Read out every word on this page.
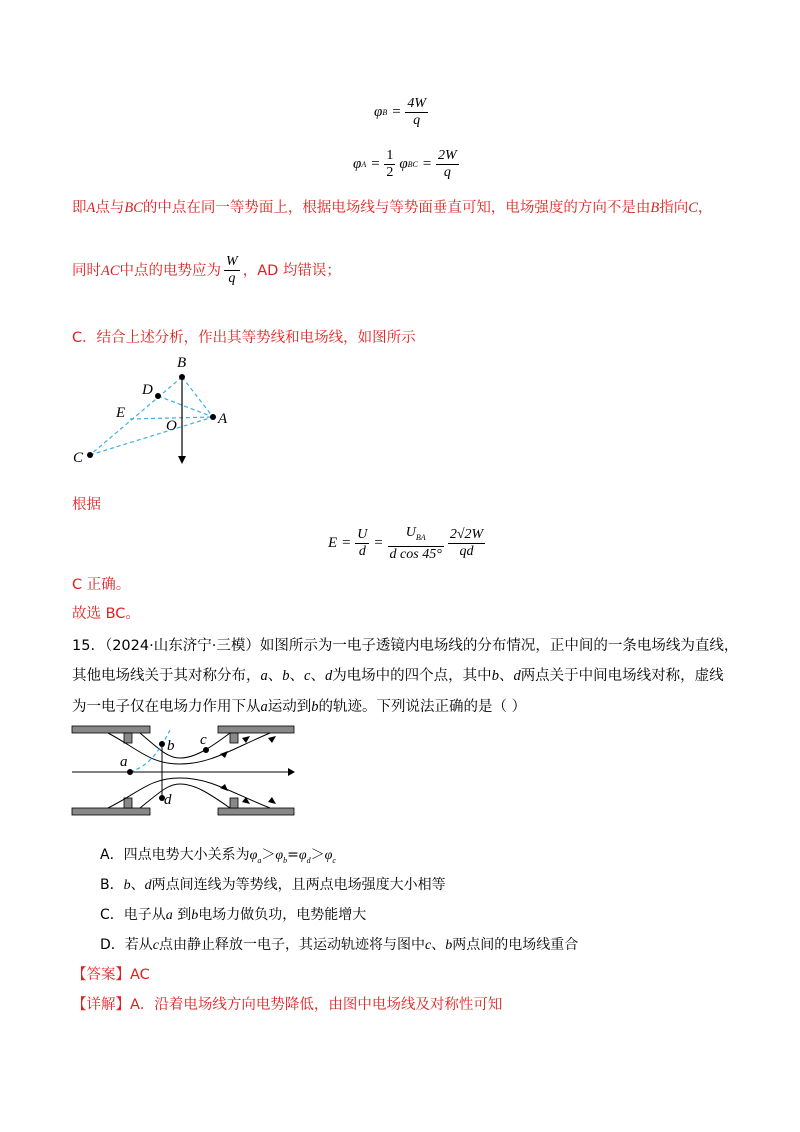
φ $B = \frac{4W}{q}$
φ $A = \frac{1}{2}$ φ BC = $\frac{2W}{q}$
即A点与BC的中点在同一等势面上，根据电场线与等势面垂直可知，电场强度的方向不是由B指向C，
同时 AC 中点的电势应为 $\frac{W}{q}$ ，AD 均错误；
C．结合上述分析，作出其等势线和电场线，如图所示
B
D
E
O	A
C
根据
$E = \frac{U}{d} = \frac{U_{BA}}{\text{d cos 45°}} \frac{2√2W}{qd}$
C 正确。
故选 BC。
15．（2024·山东济宁·三模）如图所示为一电子透镜内电场线的分布情况，正中间的一条电场线为直线，
其他电场线关于其对称分布，a、b、c、d为电场中的四个点，其中b、d两点关于中间电场线对称，虚线
为一电子仅在电场力作用下从a运动到b的轨迹。下列说法正确的是（ ）
a
b c
d
A．四点电势大小关系为$\varphi_a>\varphi_b=\varphi_d>\varphi_c$
B．b、d两点间连线为等势线，且两点电场强度大小相等
C．电子从a 到b电场力做负功，电势能增大
D．若从c点由静止释放一电子，其运动轨迹将与图中c、b两点间的电场线重合
【答案】AC
【详解】A．沿着电场线方向电势降低，由图中电场线及对称性可知
